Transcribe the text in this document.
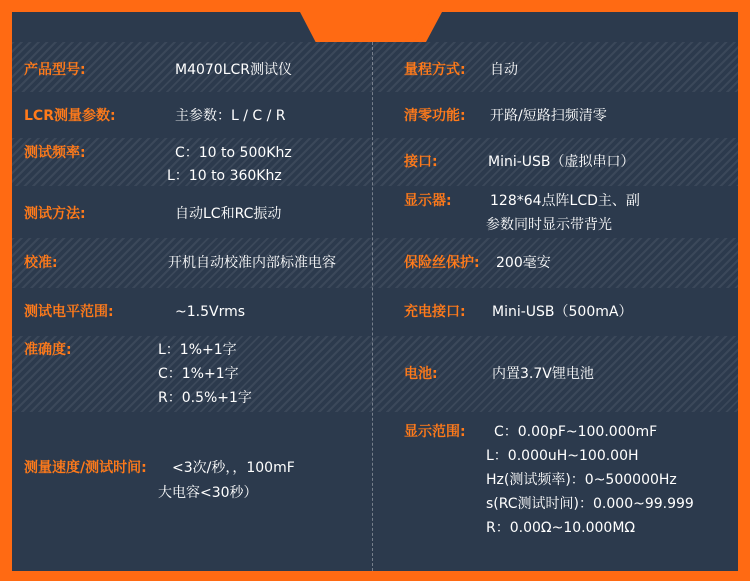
产品型号:	M4070LCR测试仪
LCR测量参数:	主参数：L / C / R
测试频率:	C：10 to 500Khz
L：10 to 360Khz
测试方法:	自动LC和RC振动
校准:	开机自动校准内部标准电容
测试电平范围:	~1.5Vrms
准确度:	L：1%+1字
C：1%+1字
R：0.5%+1字
测量速度/测试时间: <3次/秒，，100mF
大电容<30秒）
量程方式: 自动
清零功能: 开路/短路扫频清零
接口:	Mini-USB（虚拟串口）
显示器:	128*64点阵LCD主、副
参数同时显示带背光
保险丝保护: 200毫安
充电接口: Mini-USB（500mA）
电池:	内置3.7V锂电池
显示范围: C：0.00pF~100.000mF
L：0.000uH~100.00H
Hz(测试频率)：0~500000Hz
s(RC测试时间)：0.000~99.999
R：0.00Ω~10.000MΩ
